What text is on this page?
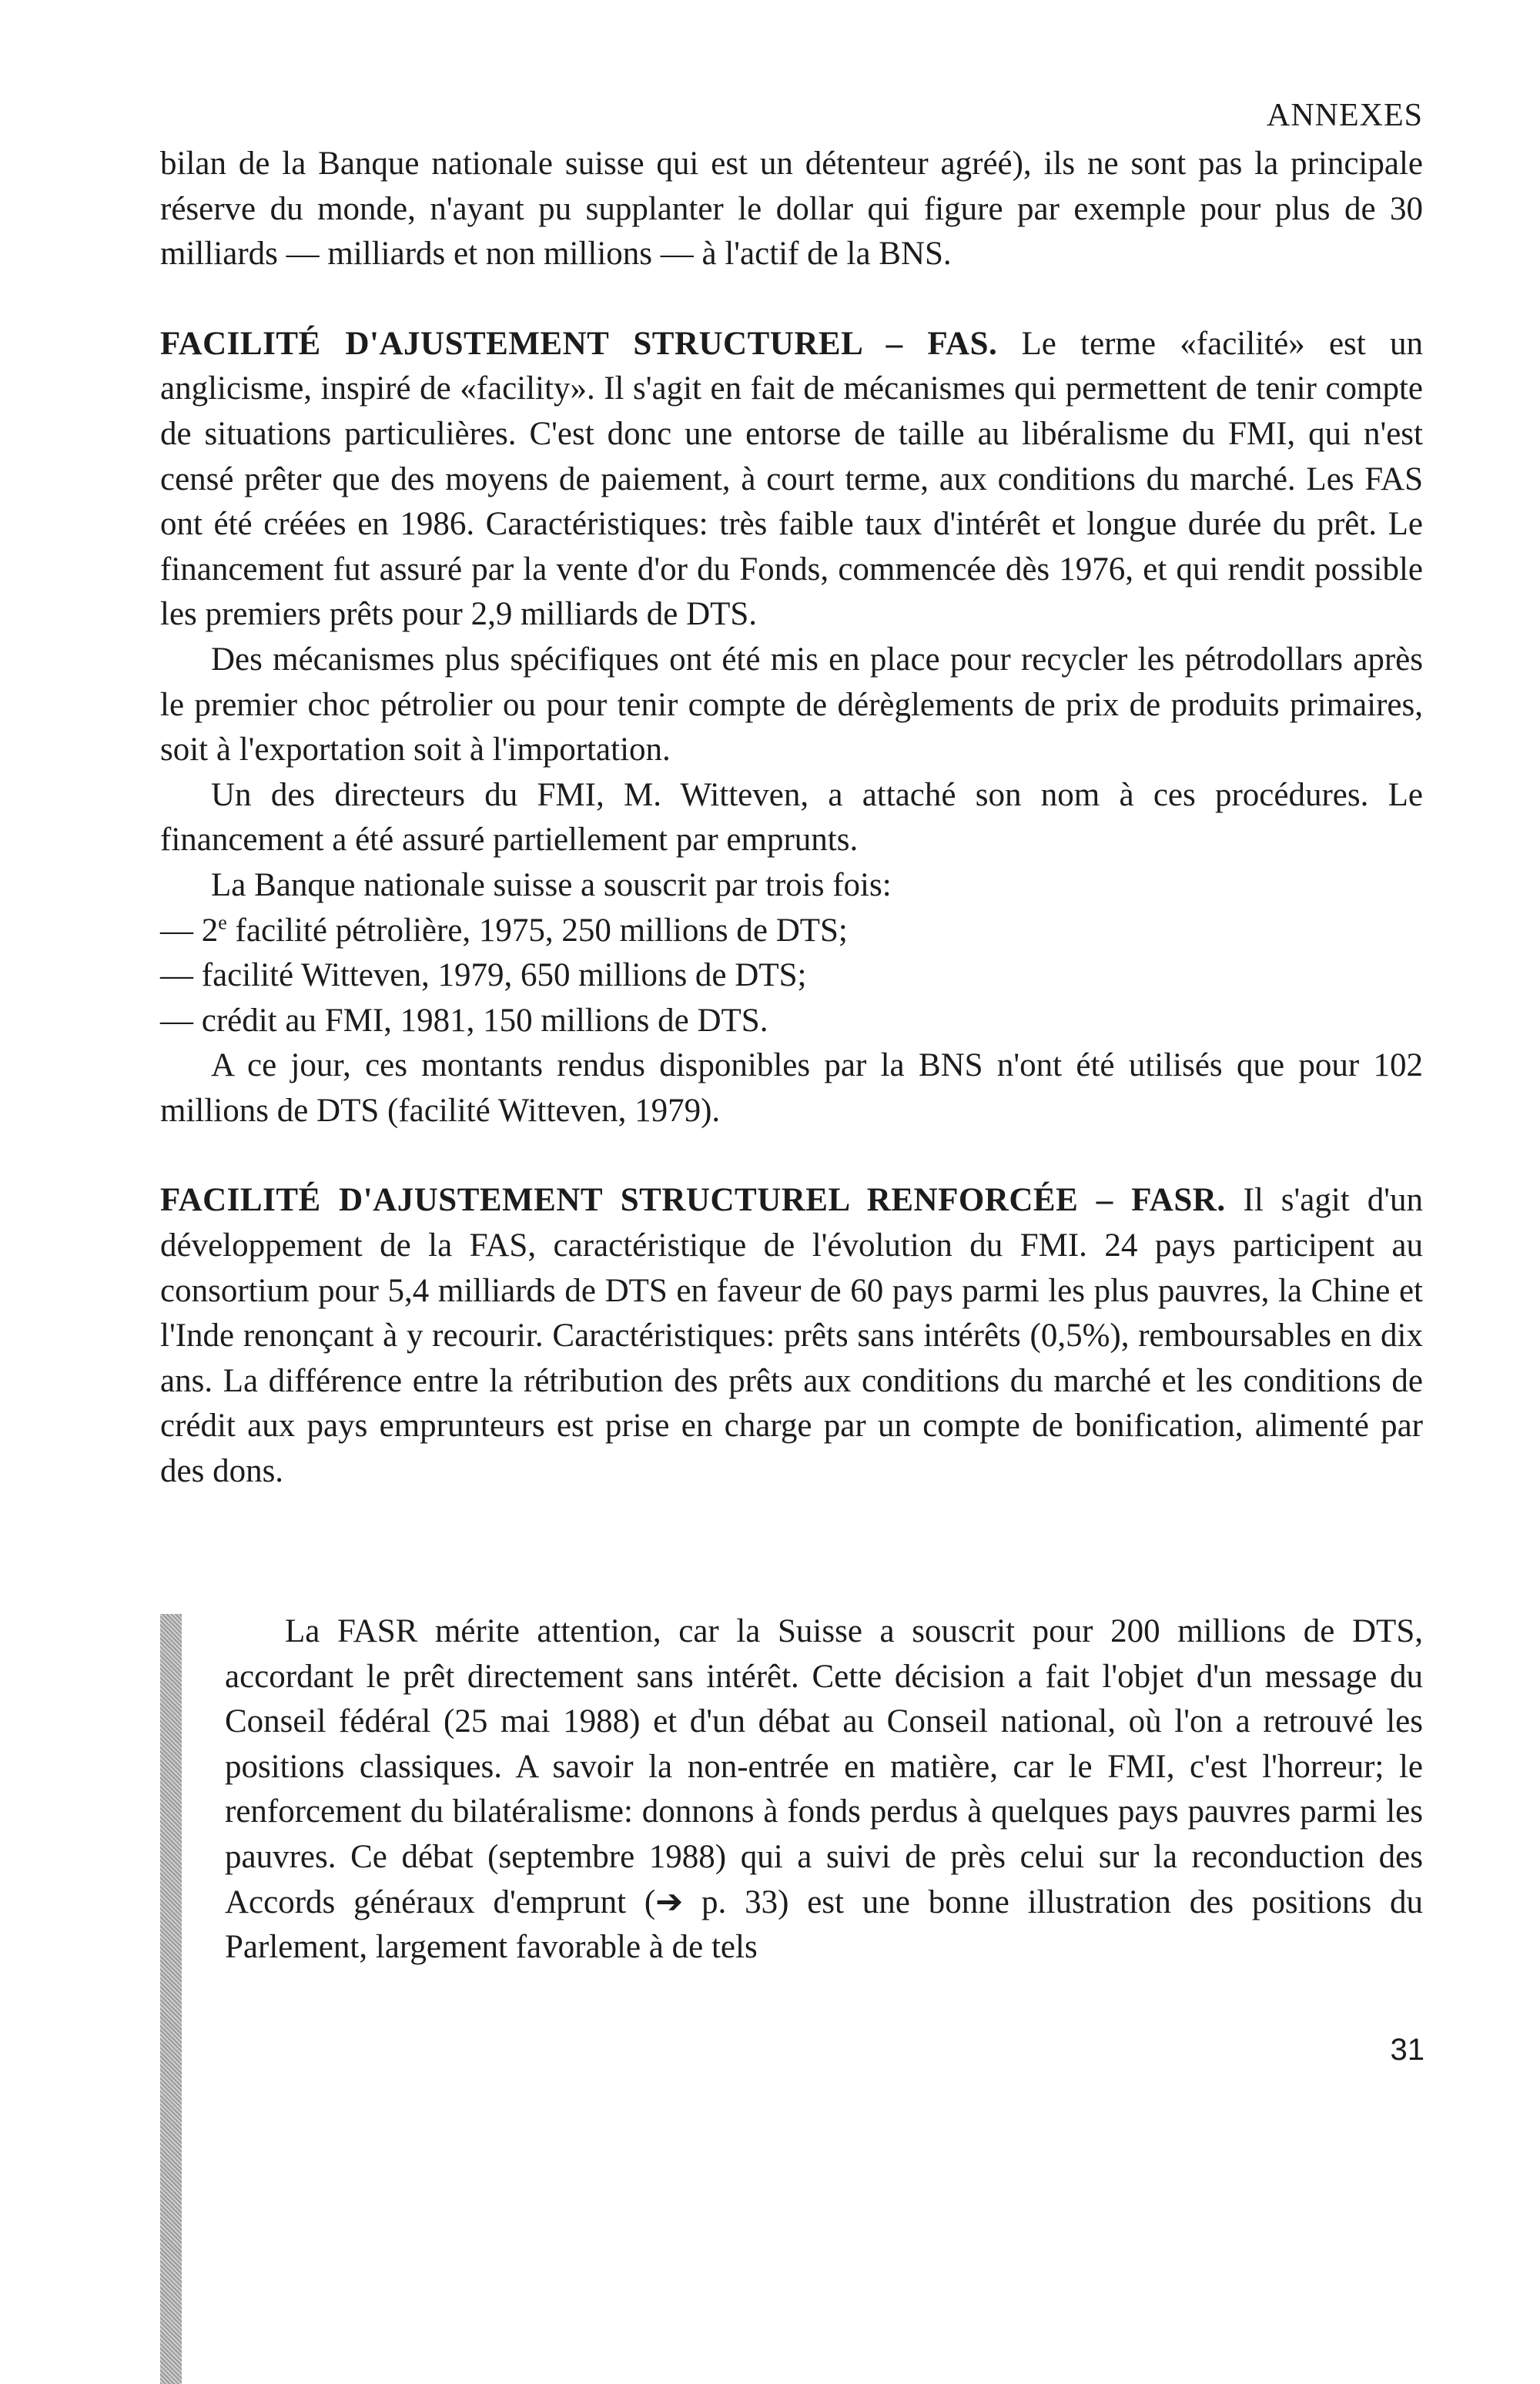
ANNEXES

bilan de la Banque nationale suisse qui est un détenteur agréé), ils ne sont pas la principale réserve du monde, n'ayant pu supplanter le dollar qui figure par exemple pour plus de 30 milliards — milliards et non millions — à l'actif de la BNS.

FACILITÉ D'AJUSTEMENT STRUCTUREL – FAS. Le terme «facilité» est un anglicisme, inspiré de «facility». Il s'agit en fait de mécanismes qui permettent de tenir compte de situations particulières. C'est donc une entorse de taille au libéralisme du FMI, qui n'est censé prêter que des moyens de paiement, à court terme, aux conditions du marché. Les FAS ont été créées en 1986. Caractéristiques: très faible taux d'intérêt et longue durée du prêt. Le financement fut assuré par la vente d'or du Fonds, commencée dès 1976, et qui rendit possible les premiers prêts pour 2,9 milliards de DTS.

Des mécanismes plus spécifiques ont été mis en place pour recycler les pétrodollars après le premier choc pétrolier ou pour tenir compte de dérèglements de prix de produits primaires, soit à l'exportation soit à l'importation.

Un des directeurs du FMI, M. Witteven, a attaché son nom à ces procédures. Le financement a été assuré partiellement par emprunts.

La Banque nationale suisse a souscrit par trois fois:

— 2e facilité pétrolière, 1975, 250 millions de DTS;

— facilité Witteven, 1979, 650 millions de DTS;

— crédit au FMI, 1981, 150 millions de DTS.

A ce jour, ces montants rendus disponibles par la BNS n'ont été utilisés que pour 102 millions de DTS (facilité Witteven, 1979).

FACILITÉ D'AJUSTEMENT STRUCTUREL RENFORCÉE – FASR. Il s'agit d'un développement de la FAS, caractéristique de l'évolution du FMI. 24 pays participent au consortium pour 5,4 milliards de DTS en faveur de 60 pays parmi les plus pauvres, la Chine et l'Inde renonçant à y recourir. Caractéristiques: prêts sans intérêts (0,5%), remboursables en dix ans. La différence entre la rétribution des prêts aux conditions du marché et les conditions de crédit aux pays emprunteurs est prise en charge par un compte de bonification, alimenté par des dons.

La FASR mérite attention, car la Suisse a souscrit pour 200 millions de DTS, accordant le prêt directement sans intérêt. Cette décision a fait l'objet d'un message du Conseil fédéral (25 mai 1988) et d'un débat au Conseil national, où l'on a retrouvé les positions classiques. A savoir la non-entrée en matière, car le FMI, c'est l'horreur; le renforcement du bilatéralisme: donnons à fonds perdus à quelques pays pauvres parmi les pauvres. Ce débat (septembre 1988) qui a suivi de près celui sur la reconduction des Accords généraux d'emprunt (➔ p. 33) est une bonne illustration des positions du Parlement, largement favorable à de tels

31
